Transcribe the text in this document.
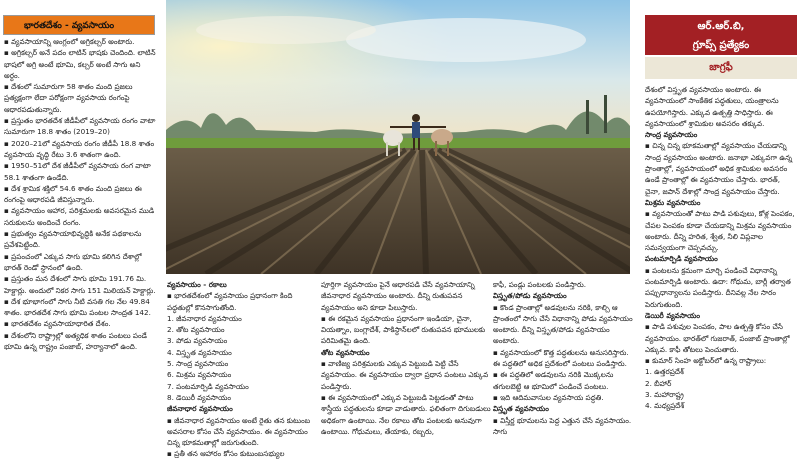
భారతదేశం - వ్యవసాయం
▪ వ్యవసాయాన్ని ఆంగ్లంలో అగ్రికల్చర్ అంటారు.
▪ అగ్రికల్చర్ అనే పదం లాటిన్ భాషకు చెందింది. లాటిన్ భాషలో అగ్రి అంటే భూమి, కల్చర్ అంటే సాగు అని అర్థం.
▪ దేశంలో సుమారుగా 58 శాతం మంది ప్రజలు ప్రత్యక్షంగా లేదా పరోక్షంగా వ్యవసాయ రంగంపై ఆధారపడుతున్నారు.
▪ ప్రస్తుతం భారతదేశ జీడీపీలో వ్యవసాయ రంగం వాటా సుమారుగా 18.8 శాతం (2019–20)
▪ 2020–21లో వ్యవసాయ రంగం జీడీపీ 18.8 శాతం వ్యవసాయ వృద్ధి రేటు 3.6 శాతంగా ఉంది.
▪ 1950–51లో దేశ జీడీపీలో వ్యవసాయ రంగ వాటా 58.1 శాతంగా ఉండేది.
▪ దేశ శ్రామిక శక్తిలో 54.6 శాతం మంది ప్రజలు ఈ రంగంపై ఆధారపడి జీవిస్తున్నారు.
▪ వ్యవసాయం ఆహార, పరిశ్రమలకు అవసరమైన ముడి సరుకులను అందించే రంగం.
▪ ప్రభుత్వం వ్యవసాయాభివృద్ధికి అనేక పథకాలను ప్రవేశపెట్టింది.
▪ ప్రపంచంలో ఎక్కువ సాగు భూమి కలిగిన దేశాల్లో భారత్ రెండో స్థానంలో ఉంది.
▪ ప్రస్తుతం మన దేశంలో సాగు భూమి 191.76 మి. హెక్టార్లు. అందులో నికర సాగు 151 మిలియన్ హెక్టార్లు.
▪ దేశ భూభాగంలో సాగు నీటి వసతి గల నేల 49.84 శాతం. భారతదేశ సాగు భూమి పంటల సాంద్రత 142.
▪ భారతదేశం వ్యవసాయాధారిత దేశం.
▪ దేశంలోని రాష్ట్రాల్లో అత్యధిక శాతం పంటలు పండే భూమి ఉన్న రాష్ట్రం పంజాబ్, హర్యానాలో ఉంది.
వ్యవసాయం - రకాలు
▪ భారతదేశంలో వ్యవసాయం ప్రధానంగా కింది పద్ధతుల్లో కొనసాగుతోంది.
1. జీవనాధార వ్యవసాయం
2. తోట వ్యవసాయం
3. పోడు వ్యవసాయం
4. విస్తృత వ్యవసాయం
5. సాంద్ర వ్యవసాయం
6. మిశ్రమ వ్యవసాయం
7. పంటమార్పిడి వ్యవసాయం
8. డెయిరీ వ్యవసాయం
జీవనాధార వ్యవసాయం
▪ జీవనాధార వ్యవసాయం అంటే రైతు తన కుటుంబ అవసరాల కోసం చేసే వ్యవసాయం. ఈ వ్యవసాయం చిన్న భూకమతాల్లో జరుగుతుంది.
▪ ప్రతీ తన ఆహారం కోసం కుటుంబసభ్యుల
పూర్తిగా వ్యవసాయం పైనే ఆధారపడి చేసే వ్యవసాయాన్ని జీవనాధార వ్యవసాయం అంటారు. దీన్ని రుతుపవన వ్యవసాయం అని కూడా పిలుస్తారు.
▪ ఈ రకమైన వ్యవసాయం ప్రధానంగా ఇండియా, చైనా, వియత్నాం, బంగ్లాదేశ్, పాకిస్థాన్‌లలో రుతుపవన భూములకు పరిమితమై ఉంది.
తోట వ్యవసాయం
▪ వాణిజ్య పరిశ్రమలకు ఎక్కువ పెట్టుబడి పెట్టి చేసే వ్యవసాయం. ఈ వ్యవసాయం ద్వారా ప్రధాన పంటలు ఎక్కువ పండిస్తారు.
▪ ఈ వ్యవసాయంలో ఎక్కువ పెట్టుబడి పెట్టడంతో పాటు శాస్త్రీయ పద్ధతులను కూడా వాడుతారు. ఫలితంగా దిగుబడులు అధికంగా ఉంటాయి. నేల రకాలు తోట పంటలకు అనువుగా ఉంటాయి. గోధుమలు, తేయాకు, రబ్బరు,
కాఫీ, పండ్లు పంటలకు పండిస్తారు.
విస్తృత/పోడు వ్యవసాయం
▪ కొండ ప్రాంతాల్లో అడవులను నరికి, కాల్చి ఆ ప్రాంతంలో సాగు చేసే విధానాన్ని పోడు వ్యవసాయం అంటారు. దీన్ని విస్తృత/పోడు వ్యవసాయం అంటారు.
▪ వ్యవసాయంలో కొత్త పద్ధతులను అనుసరిస్తారు. ఈ పద్ధతిలో అధిక ప్రదేశంలో పంటలు పండిస్తారు.
▪ ఈ పద్ధతిలో అడవులను నరికి మొక్కలను తగులబెట్టి ఆ భూమిలో పండించే పంటలు.
▪ ఇది ఆదిమవాసుల వ్యవసాయ పద్ధతి.
విస్తృత వ్యవసాయం
▪ విస్తీర్ణ భూమలను పెద్ద ఎత్తున చేసే వ్యవసాయం. సాగు
ఆర్.ఆర్.బి,
గ్రూప్స్ ప్రత్యేకం
జాగ్రఫీ
దేశంలో విస్తృత వ్యవసాయం అంటారు. ఈ వ్యవసాయంలో సాంకేతిక పద్ధతులు, యంత్రాలను ఉపయోగిస్తారు. ఎక్కువ ఉత్పత్తి సాధిస్తారు. ఈ వ్యవసాయంలో శ్రామికుల అవసరం తక్కువ.
సాంద్ర వ్యవసాయం
▪ చిన్న చిన్న భూకమతాల్లో వ్యవసాయం చేయడాన్ని సాంద్ర వ్యవసాయం అంటారు. జనాభా ఎక్కువగా ఉన్న ప్రాంతాల్లో, వ్యవసాయంలో అధిక శ్రామికుల అవసరం ఉండే ప్రాంతాల్లో ఈ వ్యవసాయం చేస్తారు. భారత్, చైనా, జపాన్ దేశాల్లో సాంద్ర వ్యవసాయం చేస్తారు.
మిశ్రమ వ్యవసాయం
▪ వ్యవసాయంతో పాటు పాడి పశువులు, కోళ్ల పెంపకం, చేపల పెంపకం కూడా చేయడాన్ని మిశ్రమ వ్యవసాయం అంటారు. దీన్ని హరిత, శ్వేత, నీలి విప్లవాల సమన్వయంగా చెప్పవచ్చు.
పంటమార్పిడి వ్యవసాయం
▪ పంటలను క్రమంగా మార్చి పండించే విధానాన్ని పంటమార్పిడి అంటారు. ఉదా: గోధుమ, బార్లీ తర్వాత పప్పుధాన్యాలను పండిస్తారు. దీనివల్ల నేల సారం పెరుగుతుంది.
డెయిరీ వ్యవసాయం
▪ పాడి పశువుల పెంపకం, పాల ఉత్పత్తి కోసం చేసే వ్యవసాయం. భారత్‌లో గుజరాత్, పంజాబ్ ప్రాంతాల్లో ఎక్కువ. కాఫీ తోటలు పెంచుతారు.
▪ కుమార్ సింహ అక్టోబర్‌లో ఉన్న రాష్ట్రాలు:
1. ఉత్తరప్రదేశ్
2. బీహార్
3. మహారాష్ట్ర
4. మధ్యప్రదేశ్
